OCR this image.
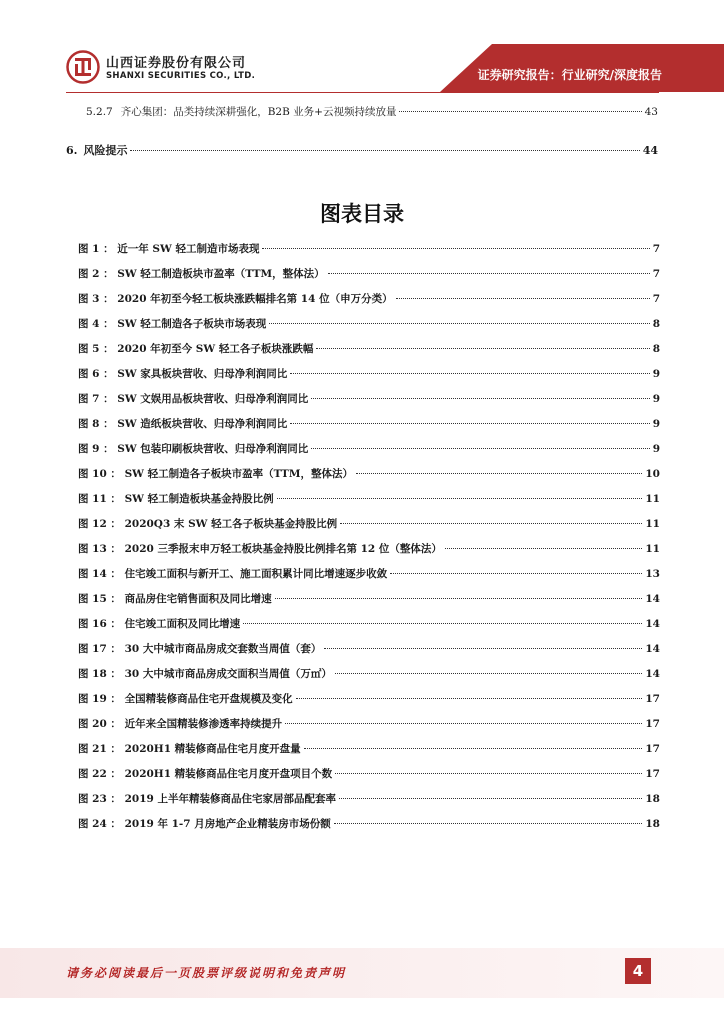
山西证券股份有限公司
SHANXI SECURITIES CO., LTD.	证券研究报告：行业研究/深度报告
5.2.7 齐心集团：品类持续深耕强化，B2B 业务+云视频持续放量	43
6. 风险提示	44
图表目录
图 1 ： 近一年 SW 轻工制造市场表现	7
图 2 ： SW 轻工制造板块市盈率（TTM，整体法）	7
图 3 ： 2020 年初至今轻工板块涨跌幅排名第 14 位（申万分类）	7
图 4 ： SW 轻工制造各子板块市场表现	8
图 5 ： 2020 年初至今 SW 轻工各子板块涨跌幅	8
图 6 ： SW 家具板块营收、归母净利润同比	9
图 7 ： SW 文娱用品板块营收、归母净利润同比	9
图 8 ： SW 造纸板块营收、归母净利润同比	9
图 9 ： SW 包装印刷板块营收、归母净利润同比	9
图 10 ： SW 轻工制造各子板块市盈率（TTM，整体法）	10
图 11 ： SW 轻工制造板块基金持股比例	11
图 12 ： 2020Q3 末 SW 轻工各子板块基金持股比例	11
图 13 ： 2020 三季报末申万轻工板块基金持股比例排名第 12 位（整体法）	11
图 14 ： 住宅竣工面积与新开工、施工面积累计同比增速逐步收敛	13
图 15 ： 商品房住宅销售面积及同比增速	14
图 16 ： 住宅竣工面积及同比增速	14
图 17 ： 30 大中城市商品房成交套数当周值（套）	14
图 18 ： 30 大中城市商品房成交面积当周值（万㎡）	14
图 19 ： 全国精装修商品住宅开盘规模及变化	17
图 20 ： 近年来全国精装修渗透率持续提升	17
图 21 ： 2020H1 精装修商品住宅月度开盘量	17
图 22 ： 2020H1 精装修商品住宅月度开盘项目个数	17
图 23 ： 2019 上半年精装修商品住宅家居部品配套率	18
图 24 ： 2019 年 1-7 月房地产企业精装房市场份额	18
请务必阅读最后一页股票评级说明和免责声明	4
